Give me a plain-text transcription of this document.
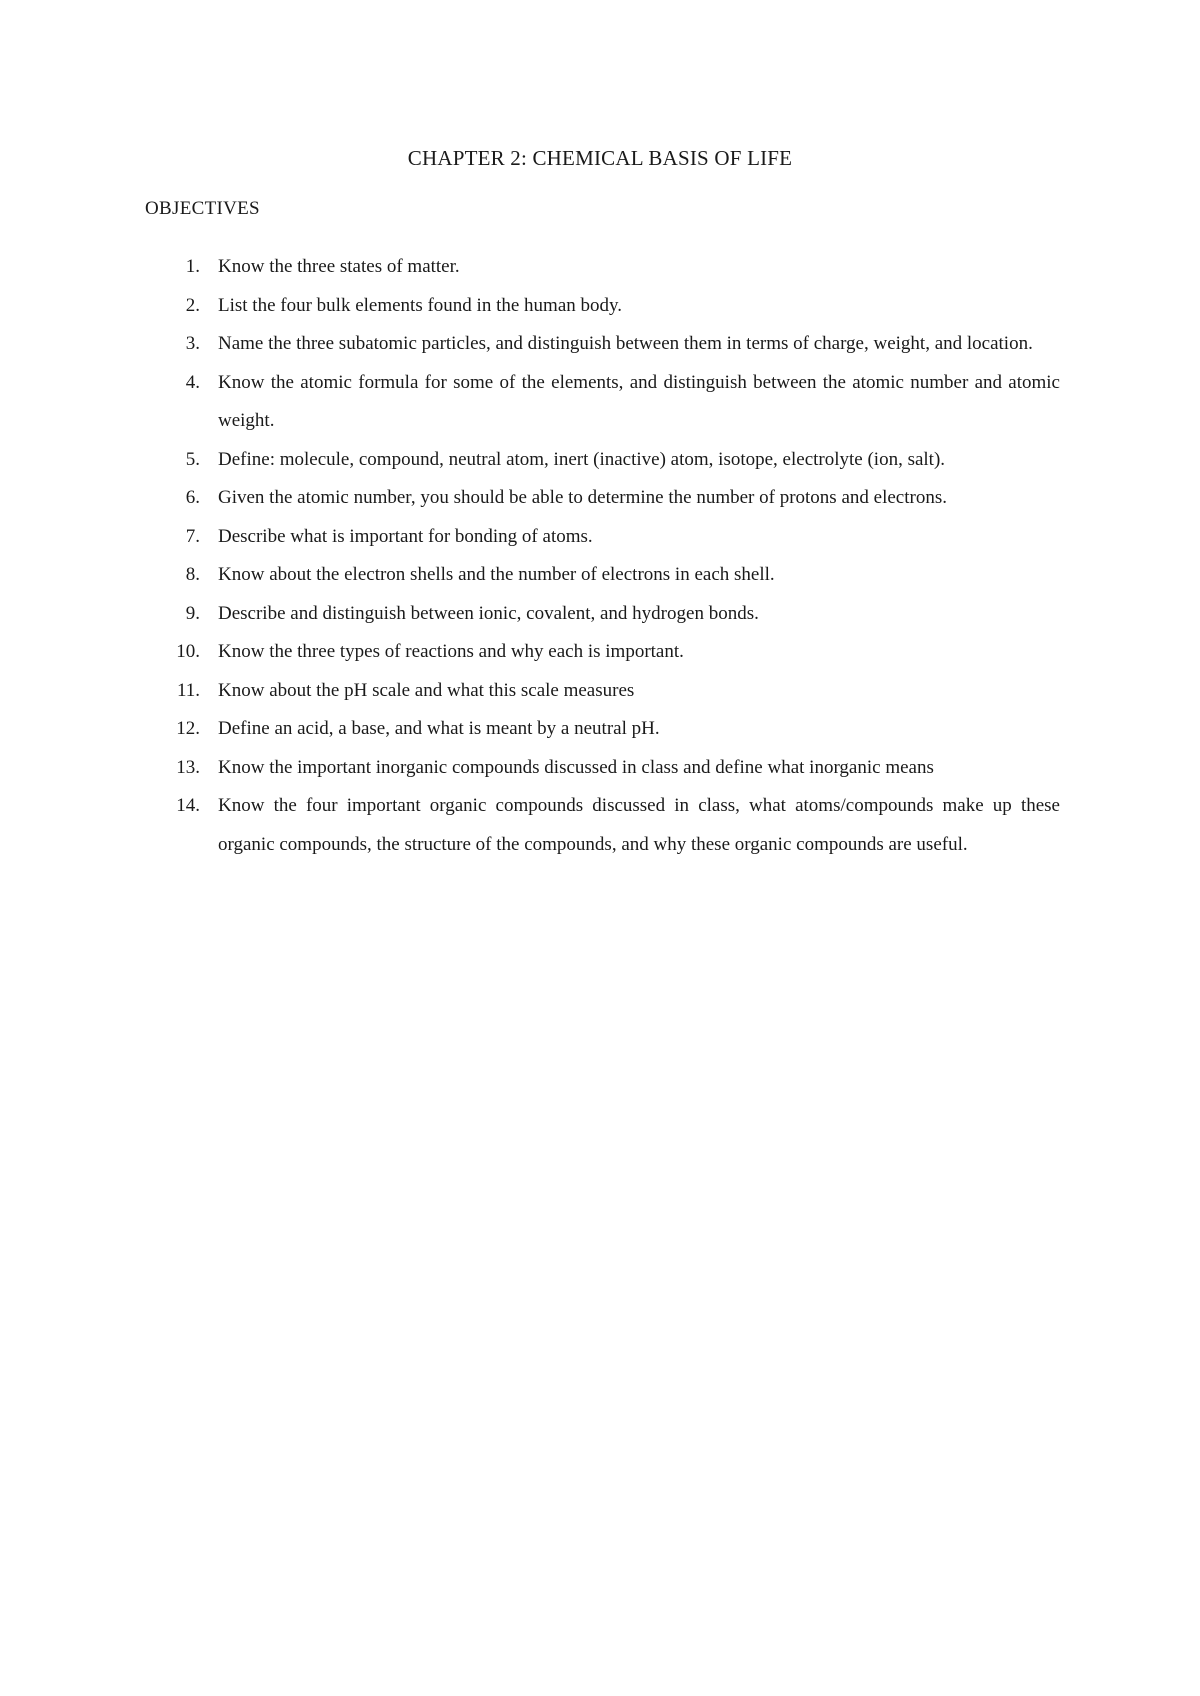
CHAPTER 2: CHEMICAL BASIS OF LIFE
OBJECTIVES
1. Know the three states of matter.
2. List the four bulk elements found in the human body.
3. Name the three subatomic particles, and distinguish between them in terms of charge, weight, and location.
4. Know the atomic formula for some of the elements, and distinguish between the atomic number and atomic weight.
5. Define: molecule, compound, neutral atom, inert (inactive) atom, isotope, electrolyte (ion, salt).
6. Given the atomic number, you should be able to determine the number of protons and electrons.
7. Describe what is important for bonding of atoms.
8. Know about the electron shells and the number of electrons in each shell.
9. Describe and distinguish between ionic, covalent, and hydrogen bonds.
10. Know the three types of reactions and why each is important.
11. Know about the pH scale and what this scale measures
12. Define an acid, a base, and what is meant by a neutral pH.
13. Know the important inorganic compounds discussed in class and define what inorganic means
14. Know the four important organic compounds discussed in class, what atoms/compounds make up these organic compounds, the structure of the compounds, and why these organic compounds are useful.
